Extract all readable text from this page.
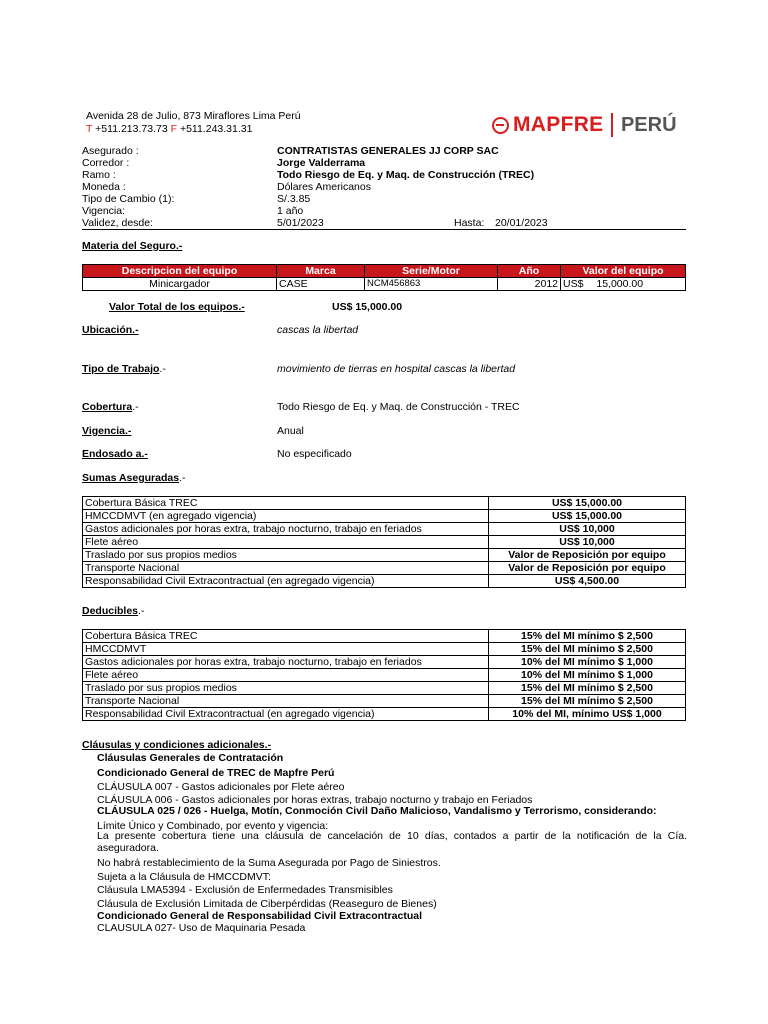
Avenida 28 de Julio, 873 Miraflores Lima Perú
T +511.213.73.73 F +511.243.31.31	MAPFRE PERÚ
Asegurado :	CONTRATISTAS GENERALES JJ CORP SAC
Corredor :	Jorge Valderrama
Ramo :	Todo Riesgo de Eq. y Maq. de Construcción (TREC)
Moneda :	Dólares Americanos
Tipo de Cambio (1):	S/.3.85
Vigencia:	1 año
Validez, desde:	5/01/2023	Hasta: 20/01/2023
Materia del Seguro.-
Descripcion del equipo	Marca	Serie/Motor	Año	Valor del equipo
Minicargador	CASE	NCM456863	2012	US$ 15,000.00
Valor Total de los equipos.-	US$ 15,000.00
Ubicación.-	cascas la libertad
Tipo de Trabajo.-	movimiento de tierras en hospital cascas la libertad
Cobertura.-	Todo Riesgo de Eq. y Maq. de Construcción - TREC
Vigencia.-	Anual
Endosado a.-	No especificado
Sumas Aseguradas.-
Cobertura Básica TREC	US$ 15,000.00
HMCCDMVT (en agregado vigencia)	US$ 15,000.00
Gastos adicionales por horas extra, trabajo nocturno, trabajo en feriados	US$ 10,000
Flete aéreo	US$ 10,000
Traslado por sus propios medios	Valor de Reposición por equipo
Transporte Nacional	Valor de Reposición por equipo
Responsabilidad Civil Extracontractual (en agregado vigencia)	US$ 4,500.00
Deducibles.-
Cobertura Básica TREC	15% del MI mínimo $ 2,500
HMCCDMVT	15% del MI mínimo $ 2,500
Gastos adicionales por horas extra, trabajo nocturno, trabajo en feriados	10% del MI mínimo $ 1,000
Flete aéreo	10% del MI mínimo $ 1,000
Traslado por sus propios medios	15% del MI mínimo $ 2,500
Transporte Nacional	15% del MI mínimo $ 2,500
Responsabilidad Civil Extracontractual (en agregado vigencia)	10% del MI, mínimo US$ 1,000
Cláusulas y condiciones adicionales.-
Cláusulas Generales de Contratación
Condicionado General de TREC de Mapfre Perú
CLÁUSULA 007 - Gastos adicionales por Flete aéreo
CLÁUSULA 006 - Gastos adicionales por horas extras, trabajo nocturno y trabajo en Feriados
CLÁUSULA 025 / 026 - Huelga, Motín, Conmoción Civil Daño Malicioso, Vandalismo y Terrorismo, considerando:
Límite Único y Combinado, por evento y vigencia:
La presente cobertura tiene una cláusula de cancelación de 10 días, contados a partir de la notificación de la Cía. aseguradora.
No habrá restablecimiento de la Suma Asegurada por Pago de Siniestros.
Sujeta a la Cláusula de HMCCDMVT:
Cláusula LMA5394 - Exclusión de Enfermedades Transmisibles
Cláusula de Exclusión Limitada de Ciberpérdidas (Reaseguro de Bienes)
Condicionado General de Responsabilidad Civil Extracontractual
CLAUSULA 027- Uso de Maquinaria Pesada
